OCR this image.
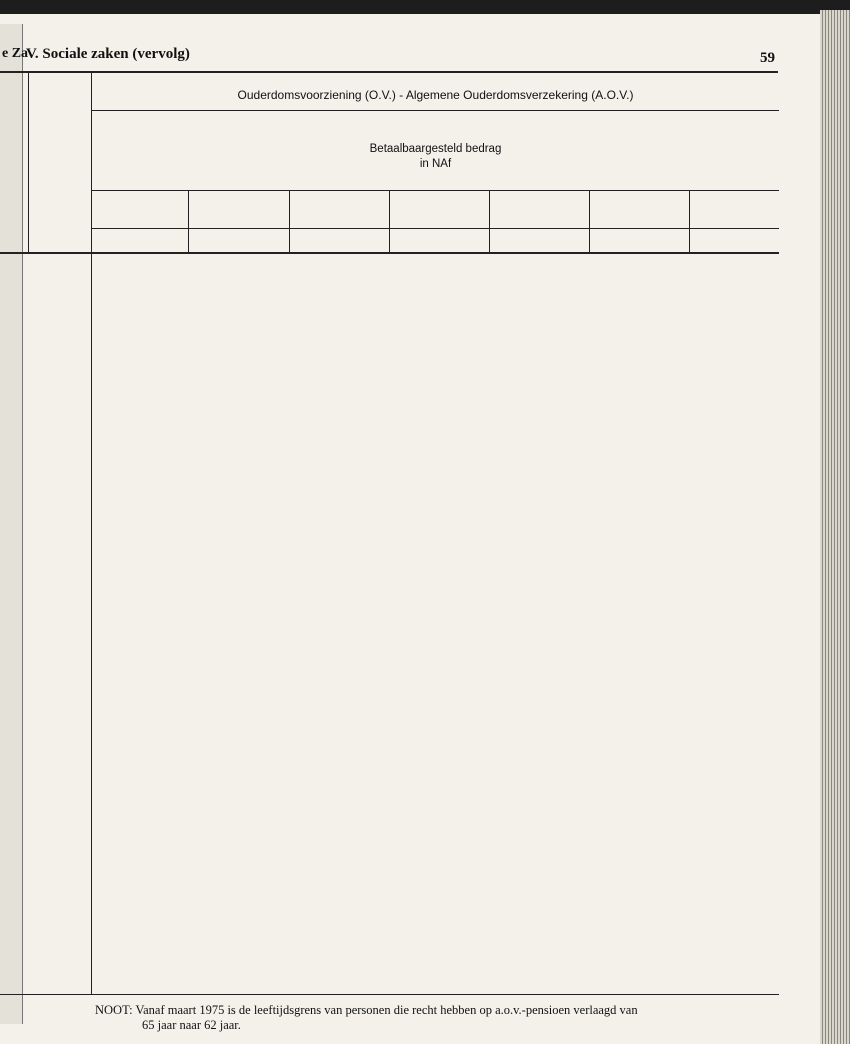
V. Sociale zaken (vervolg)
e Za	59
Ouderdomsvoorziening (O.V.) - Algemene Ouderdomsverzekering (A.O.V.)
Betaalbaargesteld bedrag
in NAf
NOOT: Vanaf maart 1975 is de leeftijdsgrens van personen die recht hebben op a.o.v.-pensioen verlaagd van
65 jaar naar 62 jaar.
